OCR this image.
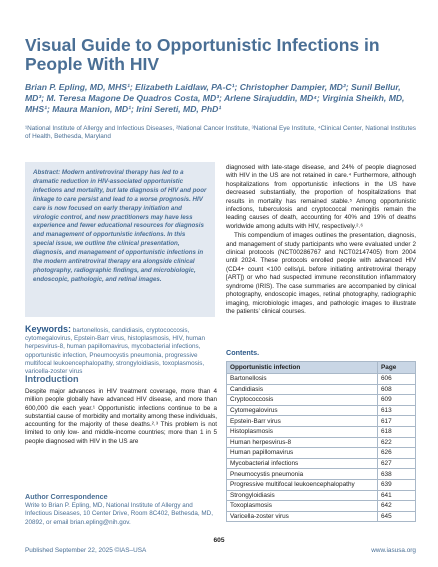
Visual Guide to Opportunistic Infections in People With HIV
Brian P. Epling, MD, MHS¹; Elizabeth Laidlaw, PA-C¹; Christopher Dampier, MD²; Sunil Bellur, MD³; M. Teresa Magone De Quadros Costa, MD³; Arlene Sirajuddin, MD⁴; Virginia Sheikh, MD, MHS¹; Maura Manion, MD¹; Irini Sereti, MD, PhD¹
¹National Institute of Allergy and Infectious Diseases, ²National Cancer Institute, ³National Eye Institute, ⁴Clinical Center, National Institutes of Health, Bethesda, Maryland
Abstract: Modern antiretroviral therapy has led to a dramatic reduction in HIV-associated opportunistic infections and mortality, but late diagnosis of HIV and poor linkage to care persist and lead to a worse prognosis. HIV care is now focused on early therapy initiation and virologic control, and new practitioners may have less experience and fewer educational resources for diagnosis and management of opportunistic infections. In this special issue, we outline the clinical presentation, diagnosis, and management of opportunistic infections in the modern antiretroviral therapy era alongside clinical photography, radiographic findings, and microbiologic, endoscopic, pathologic, and retinal images.
Keywords: bartonellosis, candidiasis, cryptococcosis, cytomegalovirus, Epstein-Barr virus, histoplasmosis, HIV, human herpesvirus-8, human papillomavirus, mycobacterial infections, opportunistic infection, Pneumocystis pneumonia, progressive multifocal leukoencephalopathy, strongyloidiasis, toxoplasmosis, varicella-zoster virus
Introduction
Despite major advances in HIV treatment coverage, more than 4 million people globally have advanced HIV disease, and more than 600,000 die each year.¹ Opportunistic infections continue to be a substantial cause of morbidity and mortality among these individuals, accounting for the majority of these deaths.²˒³ This problem is not limited to only low- and middle-income countries; more than 1 in 5 people diagnosed with HIV in the US are
Author Correspondence
Write to Brian P. Epling, MD, National Institute of Allergy and Infectious Diseases, 10 Center Drive, Room 8C402, Bethesda, MD, 20892, or email brian.epling@nih.gov.

diagnosed with late-stage disease, and 24% of people diagnosed with HIV in the US are not retained in care.⁴ Furthermore, although hospitalizations from opportunistic infections in the US have decreased substantially, the proportion of hospitalizations that results in mortality has remained stable.⁵ Among opportunistic infections, tuberculosis and cryptococcal meningitis remain the leading causes of death, accounting for 40% and 19% of deaths worldwide among adults with HIV, respectively.²˒⁶

This compendium of images outlines the presentation, diagnosis, and management of study participants who were evaluated under 2 clinical protocols (NCT00286767 and NCT02147405) from 2004 until 2024. These protocols enrolled people with advanced HIV (CD4+ count <100 cells/µL before initiating antiretroviral therapy [ART]) or who had suspected immune reconstitution inflammatory syndrome (IRIS). The case summaries are accompanied by clinical photography, endoscopic images, retinal photography, radiographic imaging, microbiologic images, and pathologic images to illustrate the patients’ clinical courses.

Contents.
Opportunistic infection	Page
Bartonellosis	606
Candidiasis	608
Cryptococcosis	609
Cytomegalovirus	613
Epstein-Barr virus	617
Histoplasmosis	618
Human herpesvirus-8	622
Human papillomavirus	626
Mycobacterial infections	627
Pneumocystis pneumonia	638
Progressive multifocal leukoencephalopathy	639
Strongyloidiasis	641
Toxoplasmosis	642
Varicella-zoster virus	645
605
Published September 22, 2025 ©IAS–USA	www.iasusa.org
